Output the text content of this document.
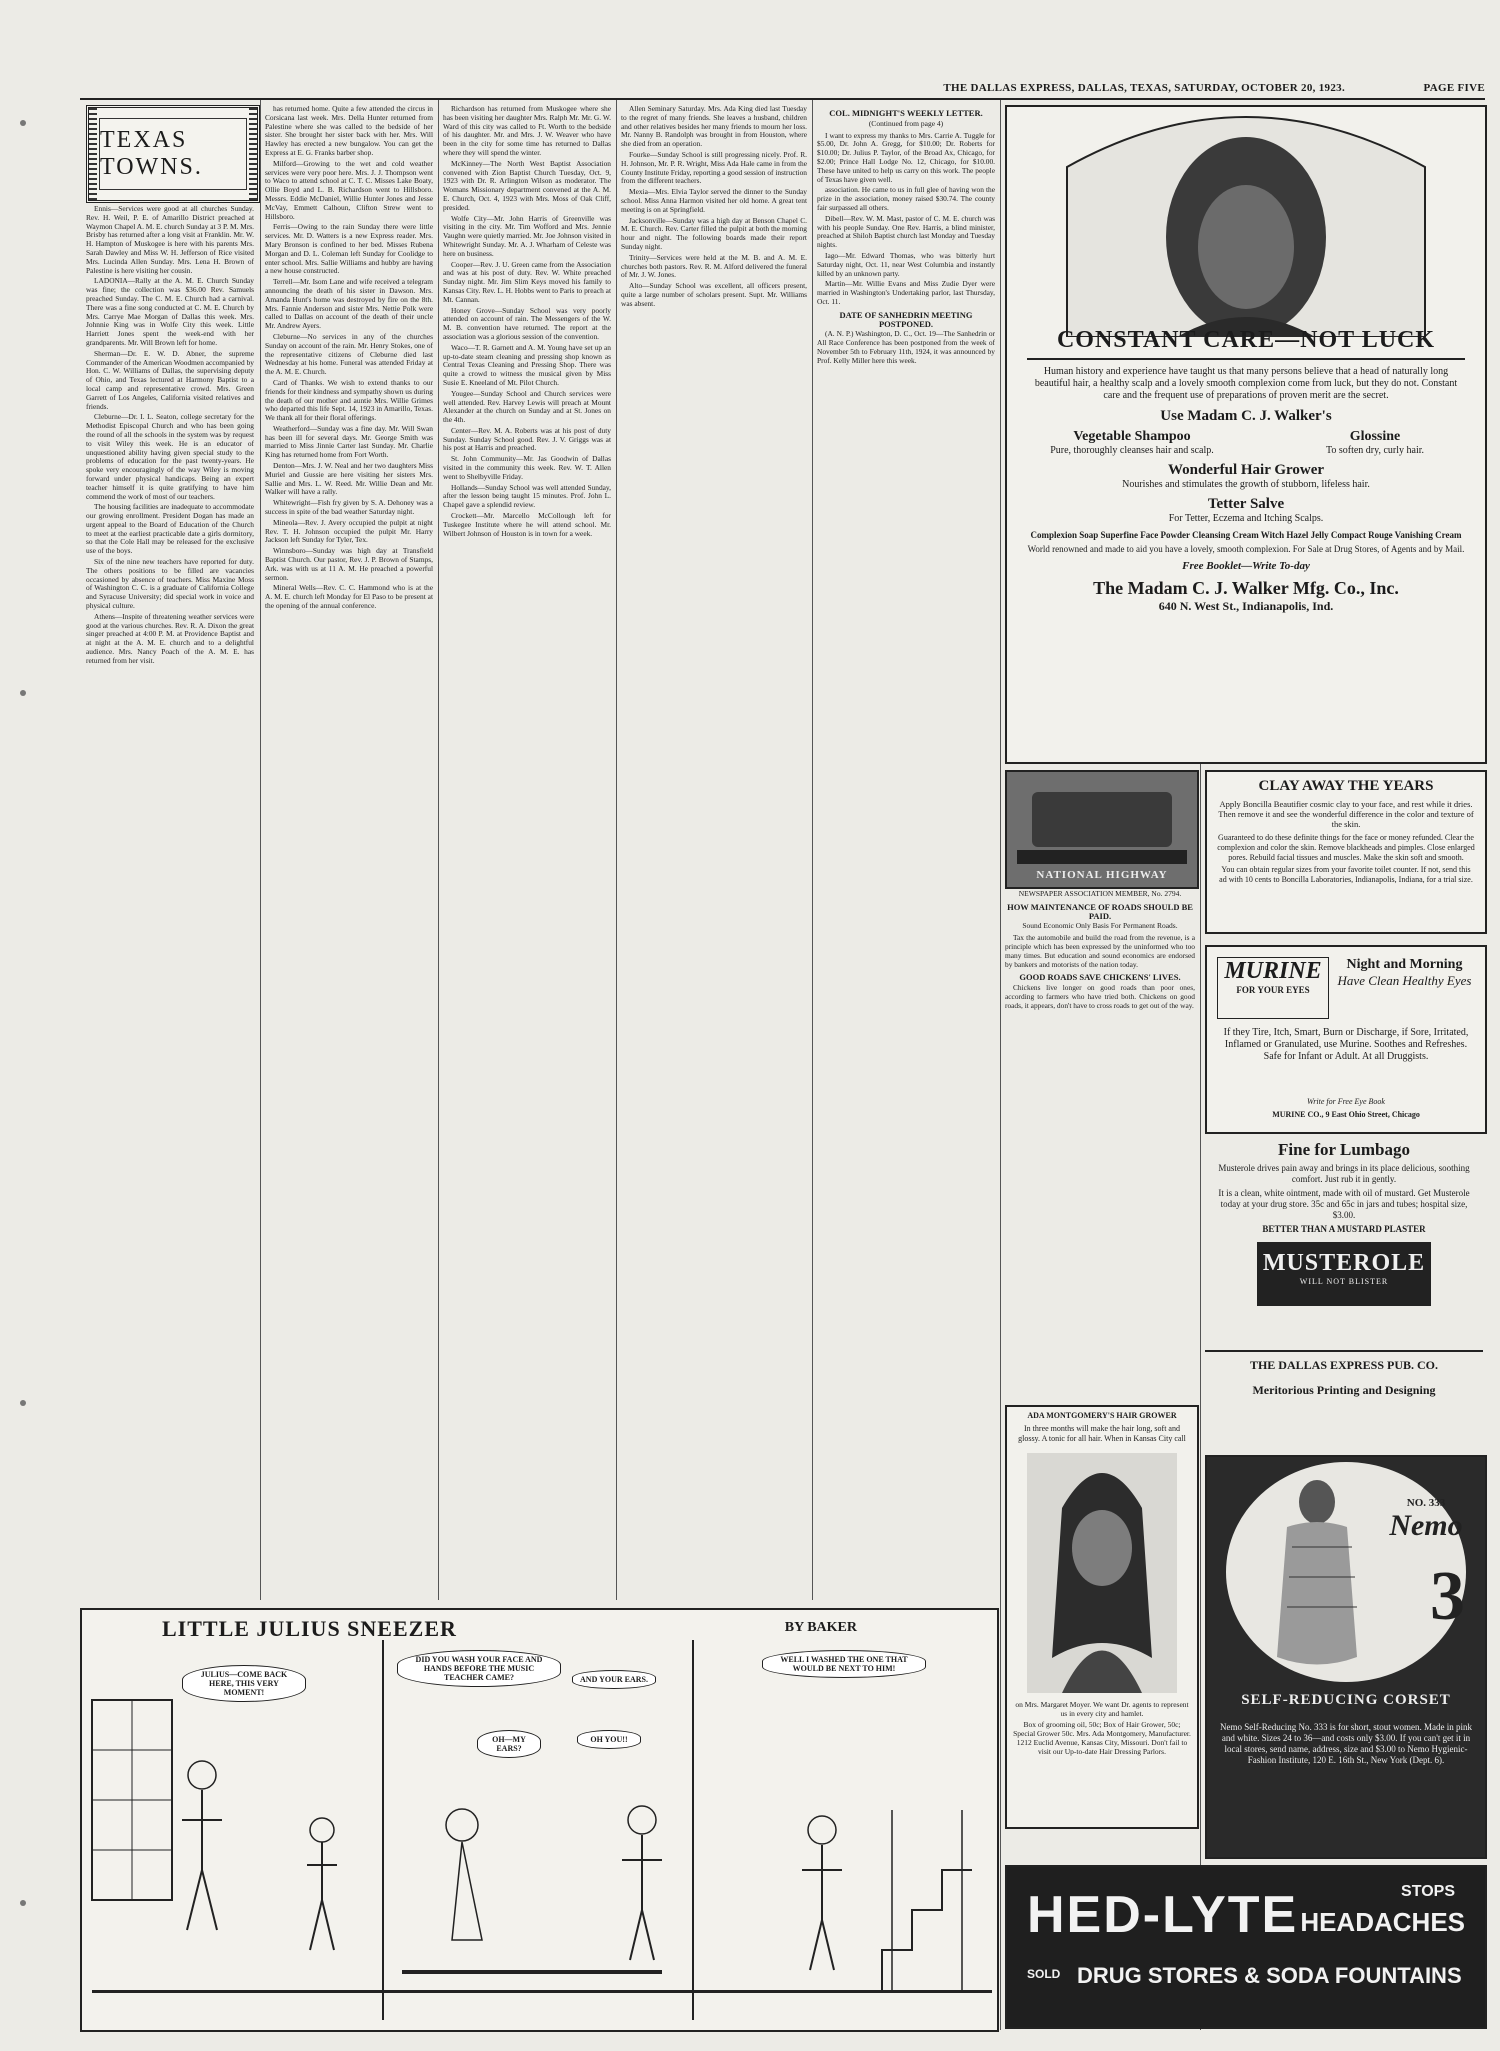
THE DALLAS EXPRESS, DALLAS, TEXAS, SATURDAY, OCTOBER 20, 1923.	PAGE FIVE
TEXAS TOWNS.

Ennis—Services were good at all churches Sunday. Rev. H. Weil, P. E. of Amarillo District preached at Waymon Chapel A. M. E. church Sunday at 3 P. M. Mrs. Brisby has returned after a long visit at Franklin. Mr. W. H. Hampton of Muskogee is here with his parents Mrs. Sarah Dawley and Miss W. H. Jefferson of Rice visited Mrs. Lucinda Allen Sunday. Mrs. Lena H. Brown of Palestine is here visiting her cousin.

LADONIA—Rally at the A. M. E. Church Sunday was fine; the collection was $36.00 Rev. Samuels preached Sunday. The C. M. E. Church had a carnival. There was a fine song conducted at C. M. E. Church by Mrs. Carrye Mae Morgan of Dallas this week. Mrs. Johnnie King was in Wolfe City this week. Little Harriett Jones spent the week-end with her grandparents. Mr. Will Brown left for home.

Sherman—Dr. E. W. D. Abner, the supreme Commander of the American Woodmen accompanied by Hon. C. W. Williams of Dallas, the supervising deputy of Ohio, and Texas lectured at Harmony Baptist to a local camp and representative crowd. Mrs. Green Garrett of Los Angeles, California visited relatives and friends.

Cleburne—Dr. I. L. Seaton, college secretary for the Methodist Episcopal Church and who has been going the round of all the schools in the system was by request to visit Wiley this week. He is an educator of unquestioned ability having given special study to the problems of education for the past twenty-years. He spoke very encouragingly of the way Wiley is moving forward under physical handicaps. Being an expert teacher himself it is quite gratifying to have him commend the work of most of our teachers.

The housing facilities are inadequate to accommodate our growing enrollment. President Dogan has made an urgent appeal to the Board of Education of the Church to meet at the earliest practicable date a girls dormitory, so that the Cole Hall may be released for the exclusive use of the boys.

Six of the nine new teachers have reported for duty. The others positions to be filled are vacancies occasioned by absence of teachers. Miss Maxine Moss of Washington C. C. is a graduate of California College and Syracuse University; did special work in voice and physical culture.

Athens—Inspite of threatening weather services were good at the various churches. Rev. R. A. Dixon the great singer preached at 4:00 P. M. at Providence Baptist and at night at the A. M. E. church and to a delightful audience. Mrs. Nancy Poach of the A. M. E. has returned from her visit.

has returned home. Quite a few attended the circus in Corsicana last week. Mrs. Della Hunter returned from Palestine where she was called to the bedside of her sister. She brought her sister back with her. Mrs. Will Hawley has erected a new bungalow. You can get the Express at E. G. Franks barber shop.

Milford—Growing to the wet and cold weather services were very poor here. Mrs. J. J. Thompson went to Waco to attend school at C. T. C. Misses Lake Boaty, Ollie Boyd and L. B. Richardson went to Hillsboro. Messrs. Eddie McDaniel, Willie Hunter Jones and Jesse McVay, Emmett Calhoun, Clifton Strew went to Hillsboro.

Ferris—Owing to the rain Sunday there were little services. Mr. D. Watters is a new Express reader. Mrs. Mary Bronson is confined to her bed. Misses Rubena Morgan and D. L. Coleman left Sunday for Coolidge to enter school. Mrs. Sallie Williams and hubby are having a new house constructed.

Terrell—Mr. Isom Lane and wife received a telegram announcing the death of his sister in Dawson. Mrs. Amanda Hunt's home was destroyed by fire on the 8th. Mrs. Fannie Anderson and sister Mrs. Nettie Polk were called to Dallas on account of the death of their uncle Mr. Andrew Ayers.

Cleburne—No services in any of the churches Sunday on account of the rain. Mr. Henry Stokes, one of the representative citizens of Cleburne died last Wednesday at his home. Funeral was attended Friday at the A. M. E. Church.

Card of Thanks. We wish to extend thanks to our friends for their kindness and sympathy shown us during the death of our mother and auntie Mrs. Willie Grimes who departed this life Sept. 14, 1923 in Amarillo, Texas. We thank all for their floral offerings.

Weatherford—Sunday was a fine day. Mr. Will Swan has been ill for several days. Mr. George Smith was married to Miss Jinnie Carter last Sunday. Mr. Charlie King has returned home from Fort Worth.

Denton—Mrs. J. W. Neal and her two daughters Miss Muriel and Gussie are here visiting her sisters Mrs. Sallie and Mrs. L. W. Reed. Mr. Willie Dean and Mr. Walker will have a rally.

Whitewright—Fish fry given by S. A. Dehoney was a success in spite of the bad weather Saturday night.

Mineola—Rev. J. Avery occupied the pulpit at night Rev. T. H. Johnson occupied the pulpit Mr. Harry Jackson left Sunday for Tyler, Tex.

Winnsboro—Sunday was high day at Transfield Baptist Church. Our pastor, Rev. J. P. Brown of Stamps, Ark. was with us at 11 A. M. He preached a powerful sermon.

Mineral Wells—Rev. C. C. Hammond who is at the A. M. E. church left Monday for El Paso to be present at the opening of the annual conference.

Richardson has returned from Muskogee where she has been visiting her daughter Mrs. Ralph Mr. Mr. G. W. Ward of this city was called to Ft. Worth to the bedside of his daughter. Mr. and Mrs. J. W. Weaver who have been in the city for some time has returned to Dallas where they will spend the winter.

McKinney—The North West Baptist Association convened with Zion Baptist Church Tuesday, Oct. 9, 1923 with Dr. R. Arlington Wilson as moderator. The Womans Missionary department convened at the A. M. E. Church, Oct. 4, 1923 with Mrs. Moss of Oak Cliff, presided.

Wolfe City—Mr. John Harris of Greenville was visiting in the city. Mr. Tim Wofford and Mrs. Jennie Vaughn were quietly married. Mr. Joe Johnson visited in Whitewright Sunday. Mr. A. J. Wharham of Celeste was here on business.

Cooper—Rev. J. U. Green came from the Association and was at his post of duty. Rev. W. White preached Sunday night. Mr. Jim Slim Keys moved his family to Kansas City. Rev. L. H. Hobbs went to Paris to preach at Mt. Cannan.

Honey Grove—Sunday School was very poorly attended on account of rain. The Messengers of the W. M. B. convention have returned. The report at the association was a glorious session of the convention.

Waco—T. R. Garnett and A. M. Young have set up an up-to-date steam cleaning and pressing shop known as Central Texas Cleaning and Pressing Shop. There was quite a crowd to witness the musical given by Miss Susie E. Kneeland of Mt. Pilot Church.

Yougee—Sunday School and Church services were well attended. Rev. Harvey Lewis will preach at Mount Alexander at the church on Sunday and at St. Jones on the 4th.

Center—Rev. M. A. Roberts was at his post of duty Sunday. Sunday School good. Rev. J. V. Griggs was at his post at Harris and preached.

St. John Community—Mr. Jas Goodwin of Dallas visited in the community this week. Rev. W. T. Allen went to Shelbyville Friday.

Hollands—Sunday School was well attended Sunday, after the lesson being taught 15 minutes. Prof. John L. Chapel gave a splendid review.

Crockett—Mr. Marcello McCollough left for Tuskegee Institute where he will attend school. Mr. Wilbert Johnson of Houston is in town for a week.

Allen Seminary Saturday. Mrs. Ada King died last Tuesday to the regret of many friends. She leaves a husband, children and other relatives besides her many friends to mourn her loss. Mr. Nanny B. Randolph was brought in from Houston, where she died from an operation.

Fourke—Sunday School is still progressing nicely. Prof. R. H. Johnson, Mr. P. R. Wright, Miss Ada Hale came in from the County Institute Friday, reporting a good session of instruction from the different teachers.

Mexia—Mrs. Elvia Taylor served the dinner to the Sunday school. Miss Anna Harmon visited her old home. A great tent meeting is on at Springfield.

Jacksonville—Sunday was a high day at Benson Chapel C. M. E. Church. Rev. Carter filled the pulpit at both the morning hour and night. The following boards made their report Sunday night.

Trinity—Services were held at the M. B. and A. M. E. churches both pastors. Rev. R. M. Alford delivered the funeral of Mr. J. W. Jones.

Alto—Sunday School was excellent, all officers present, quite a large number of scholars present. Supt. Mr. Williams was absent.

COL. MIDNIGHT'S WEEKLY LETTER.
(Continued from page 4)

I want to express my thanks to Mrs. Carrie A. Tuggle for $5.00, Dr. John A. Gregg, for $10.00; Dr. Roberts for $10.00; Dr. Julius P. Taylor, of the Broad Ax, Chicago, for $2.00; Prince Hall Lodge No. 12, Chicago, for $10.00. These have united to help us carry on this work. The people of Texas have given well.

association. He came to us in full glee of having won the prize in the association, money raised $30.74. The county fair surpassed all others.

Dibell—Rev. W. M. Mast, pastor of C. M. E. church was with his people Sunday. One Rev. Harris, a blind minister, preached at Shiloh Baptist church last Monday and Tuesday nights.

Iago—Mr. Edward Thomas, who was bitterly hurt Saturday night, Oct. 11, near West Columbia and instantly killed by an unknown party.

Martin—Mr. Willie Evans and Miss Zudie Dyer were married in Washington's Undertaking parlor, last Thursday, Oct. 11.

DATE OF SANHEDRIN MEETING POSTPONED.

(A. N. P.) Washington, D. C., Oct. 19—The Sanhedrin or All Race Conference has been postponed from the week of November 5th to February 11th, 1924, it was announced by Prof. Kelly Miller here this week.

CONSTANT CARE—NOT LUCK
Human history and experience have taught us that many persons believe that a head of naturally long beautiful hair, a healthy scalp and a lovely smooth complexion come from luck, but they do not. Constant care and the frequent use of preparations of proven merit are the secret.
Use Madam C. J. Walker's
Vegetable Shampoo
Pure, thoroughly cleanses hair and scalp.
Glossine
To soften dry, curly hair.
Wonderful Hair Grower
Nourishes and stimulates the growth of stubborn, lifeless hair.
Tetter Salve
For Tetter, Eczema and Itching Scalps.
Complexion Soap Superfine Face Powder Cleansing Cream Witch Hazel Jelly Compact Rouge Vanishing Cream
World renowned and made to aid you have a lovely, smooth complexion. For Sale at Drug Stores, of Agents and by Mail.
Free Booklet—Write To-day
The Madam C. J. Walker Mfg. Co., Inc.
640 N. West St., Indianapolis, Ind.
NATIONAL HIGHWAY
NEWSPAPER ASSOCIATION MEMBER, No. 2794.
HOW MAINTENANCE OF ROADS SHOULD BE PAID.
Sound Economic Only Basis For Permanent Roads.

Tax the automobile and build the road from the revenue, is a principle which has been expressed by the uninformed who too many times. But education and sound economics are endorsed by bankers and motorists of the nation today.

GOOD ROADS SAVE CHICKENS' LIVES.

Chickens live longer on good roads than poor ones, according to farmers who have tried both. Chickens on good roads, it appears, don't have to cross roads to get out of the way.

ADA MONTGOMERY'S HAIR GROWER
In three months will make the hair long, soft and glossy. A tonic for all hair. When in Kansas City call
on Mrs. Margaret Moyer. We want Dr. agents to represent us in every city and hamlet.
Box of grooming oil, 50c; Box of Hair Grower, 50c; Special Grower 50c. Mrs. Ada Montgomery, Manufacturer. 1212 Euclid Avenue, Kansas City, Missouri. Don't fail to visit our Up-to-date Hair Dressing Parlors.
CLAY AWAY THE YEARS
Apply Boncilla Beautifier cosmic clay to your face, and rest while it dries. Then remove it and see the wonderful difference in the color and texture of the skin.
Guaranteed to do these definite things for the face or money refunded. Clear the complexion and color the skin. Remove blackheads and pimples. Close enlarged pores. Rebuild facial tissues and muscles. Make the skin soft and smooth.
You can obtain regular sizes from your favorite toilet counter. If not, send this ad with 10 cents to Boncilla Laboratories, Indianapolis, Indiana, for a trial size.
MURINE
FOR YOUR EYES
Night and Morning
Have Clean Healthy Eyes
If they Tire, Itch, Smart, Burn or Discharge, if Sore, Irritated, Inflamed or Granulated, use Murine. Soothes and Refreshes. Safe for Infant or Adult. At all Druggists.
Write for Free Eye Book
MURINE CO., 9 East Ohio Street, Chicago
Fine for Lumbago
Musterole drives pain away and brings in its place delicious, soothing comfort. Just rub it in gently.
It is a clean, white ointment, made with oil of mustard. Get Musterole today at your drug store. 35c and 65c in jars and tubes; hospital size, $3.00.
BETTER THAN A MUSTARD PLASTER
MUSTEROLE
WILL NOT BLISTER
THE DALLAS EXPRESS PUB. CO.
Meritorious Printing and Designing
NO. 333
Nemo
3
SELF-REDUCING CORSET
Nemo Self-Reducing No. 333 is for short, stout women. Made in pink and white. Sizes 24 to 36—and costs only $3.00. If you can't get it in local stores, send name, address, size and $3.00 to Nemo Hygienic-Fashion Institute, 120 E. 16th St., New York (Dept. 6).
HED-LYTE	STOPS
HEADACHES
SOLD DRUG STORES & SODA FOUNTAINS
LITTLE JULIUS SNEEZER	BY BAKER
JULIUS—COME BACK HERE, THIS VERY MOMENT!
DID YOU WASH YOUR FACE AND HANDS BEFORE THE MUSIC TEACHER CAME?	AND YOUR EARS.
OH—MY EARS?
OH YOU!!
WELL I WASHED THE ONE THAT WOULD BE NEXT TO HIM!
